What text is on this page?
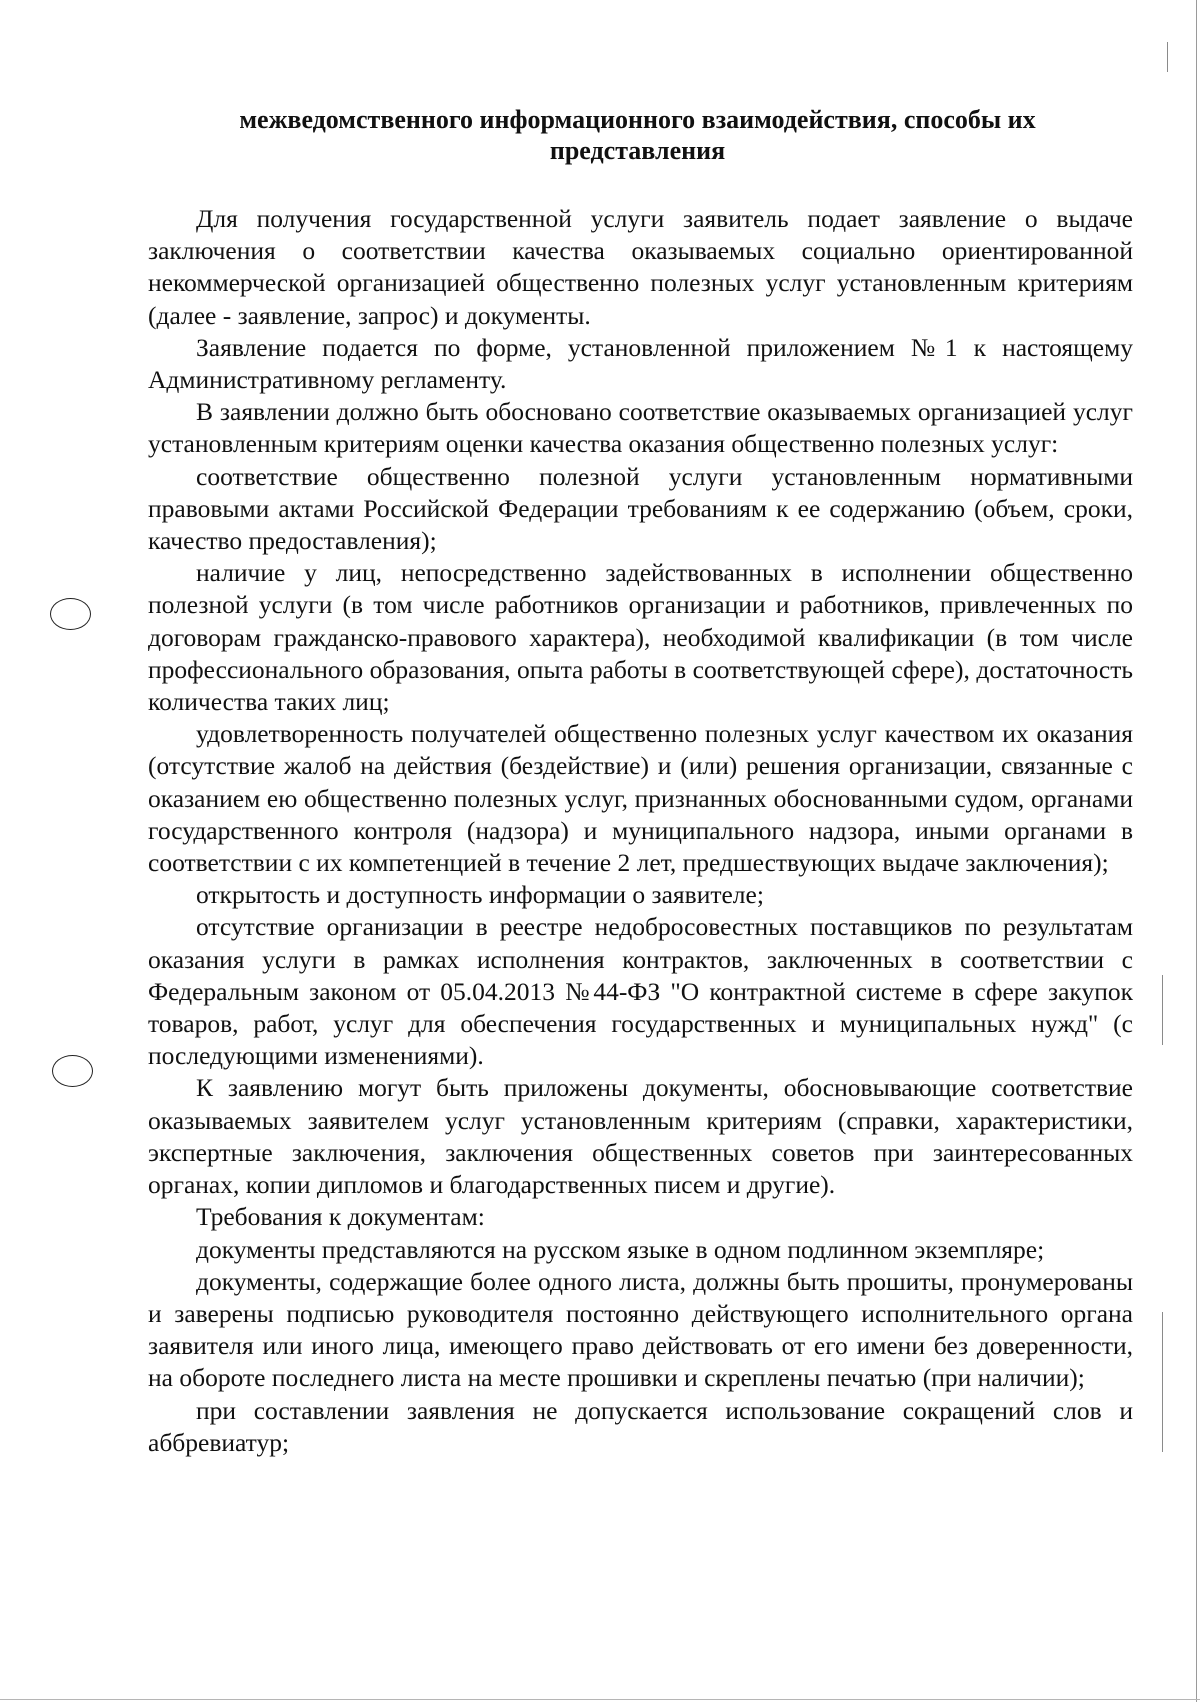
межведомственного информационного взаимодействия, способы их
представления

Для получения государственной услуги заявитель подает заявление о выдаче заключения о соответствии качества оказываемых социально ориентированной некоммерческой организацией общественно полезных услуг установленным критериям (далее - заявление, запрос) и документы.

Заявление подается по форме, установленной приложением №1 к настоящему Административному регламенту.

В заявлении должно быть обосновано соответствие оказываемых организацией услуг установленным критериям оценки качества оказания общественно полезных услуг:

соответствие общественно полезной услуги установленным нормативными правовыми актами Российской Федерации требованиям к ее содержанию (объем, сроки, качество предоставления);

наличие у лиц, непосредственно задействованных в исполнении общественно полезной услуги (в том числе работников организации и работников, привлеченных по договорам гражданско-правового характера), необходимой квалификации (в том числе профессионального образования, опыта работы в соответствующей сфере), достаточность количества таких лиц;

удовлетворенность получателей общественно полезных услуг качеством их оказания (отсутствие жалоб на действия (бездействие) и (или) решения организации, связанные с оказанием ею общественно полезных услуг, признанных обоснованными судом, органами государственного контроля (надзора) и муниципального надзора, иными органами в соответствии с их компетенцией в течение 2 лет, предшествующих выдаче заключения);

открытость и доступность информации о заявителе;

отсутствие организации в реестре недобросовестных поставщиков по результатам оказания услуги в рамках исполнения контрактов, заключенных в соответствии с Федеральным законом от 05.04.2013 №44-ФЗ "О контрактной системе в сфере закупок товаров, работ, услуг для обеспечения государственных и муниципальных нужд" (с последующими изменениями).

К заявлению могут быть приложены документы, обосновывающие соответствие оказываемых заявителем услуг установленным критериям (справки, характеристики, экспертные заключения, заключения общественных советов при заинтересованных органах, копии дипломов и благодарственных писем и другие).

Требования к документам:

документы представляются на русском языке в одном подлинном экземпляре;

документы, содержащие более одного листа, должны быть прошиты, пронумерованы и заверены подписью руководителя постоянно действующего исполнительного органа заявителя или иного лица, имеющего право действовать от его имени без доверенности, на обороте последнего листа на месте прошивки и скреплены печатью (при наличии);

при составлении заявления не допускается использование сокращений слов и аббревиатур;
